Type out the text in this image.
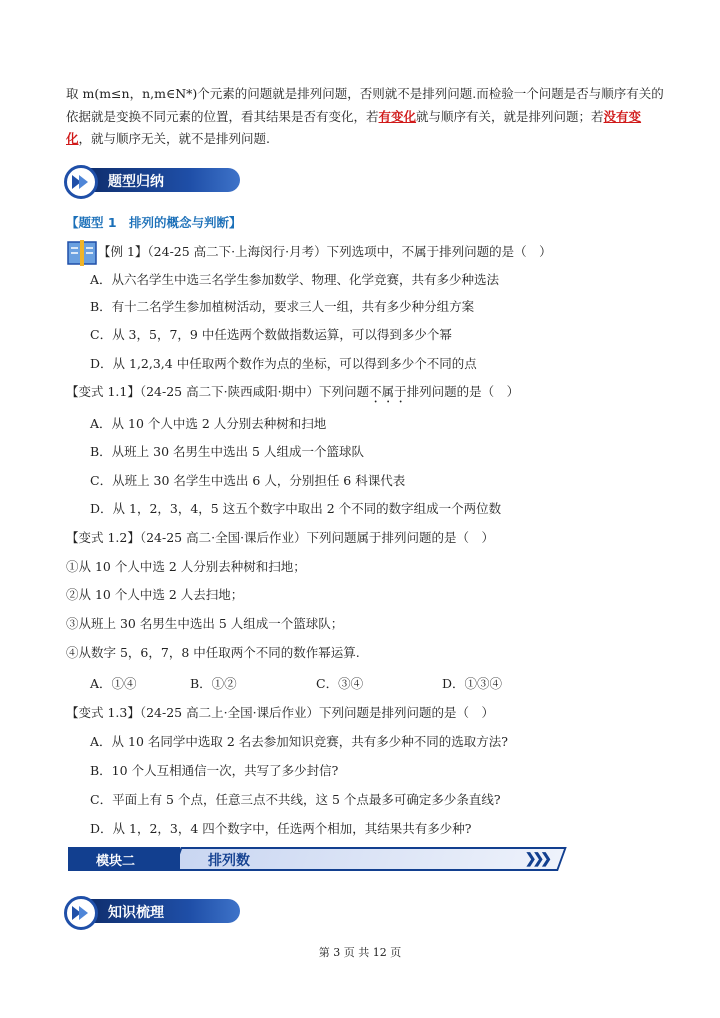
取 m(m≤n，n,m∈N*)个元素的问题就是排列问题，否则就不是排列问题.而检验一个问题是否与顺序有关的
依据就是变换不同元素的位置，看其结果是否有变化，若有变化就与顺序有关，就是排列问题；若没有变
化，就与顺序无关，就不是排列问题.
题型归纳
【题型 1　排列的概念与判断】
【例 1】（24-25 高二下·上海闵行·月考）下列选项中，不属于排列问题的是（　）
A．从六名学生中选三名学生参加数学、物理、化学竞赛，共有多少种选法
B．有十二名学生参加植树活动，要求三人一组，共有多少种分组方案
C．从 3，5，7，9 中任选两个数做指数运算，可以得到多少个幂
D．从 1,2,3,4 中任取两个数作为点的坐标，可以得到多少个不同的点
【变式 1.1】（24-25 高二下·陕西咸阳·期中）下列问题不属于排列问题的是（　）
A．从 10 个人中选 2 人分别去种树和扫地
B．从班上 30 名男生中选出 5 人组成一个篮球队
C．从班上 30 名学生中选出 6 人，分别担任 6 科课代表
D．从 1，2，3，4，5 这五个数字中取出 2 个不同的数字组成一个两位数
【变式 1.2】（24-25 高二·全国·课后作业）下列问题属于排列问题的是（　）
①从 10 个人中选 2 人分别去种树和扫地；
②从 10 个人中选 2 人去扫地；
③从班上 30 名男生中选出 5 人组成一个篮球队；
④从数字 5，6，7，8 中任取两个不同的数作幂运算.
A．①④	B．①②	C．③④	D．①③④
【变式 1.3】（24-25 高二上·全国·课后作业）下列问题是排列问题的是（　）
A．从 10 名同学中选取 2 名去参加知识竞赛，共有多少种不同的选取方法?
B．10 个人互相通信一次，共写了多少封信?
C．平面上有 5 个点，任意三点不共线，这 5 个点最多可确定多少条直线?
D．从 1，2，3，4 四个数字中，任选两个相加，其结果共有多少种?
模块二	排列数	❯❯❯
知识梳理
第 3 页 共 12 页
